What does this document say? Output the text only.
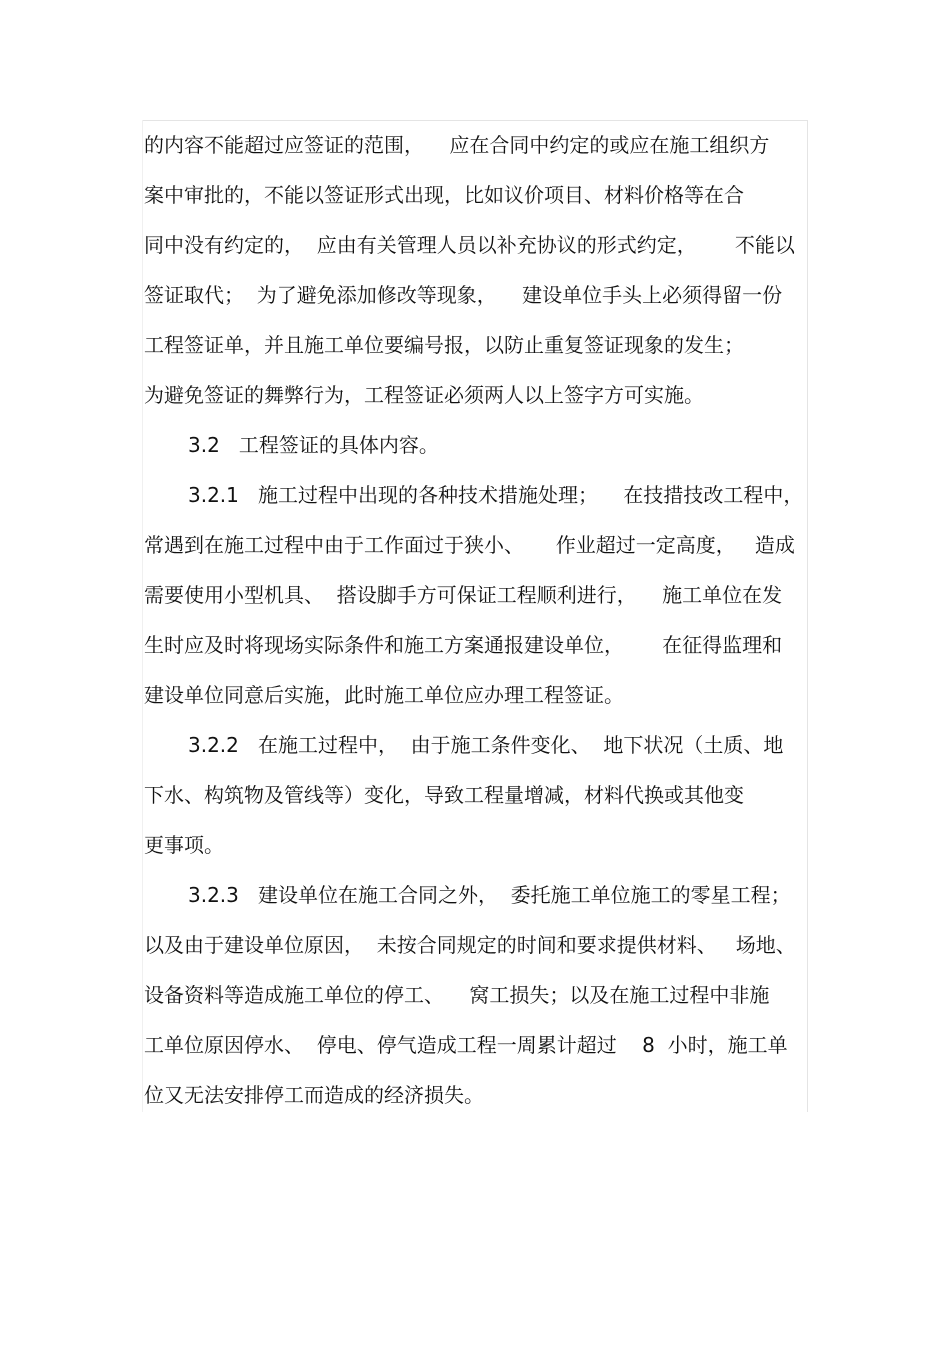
的内容不能超过应签证的范围，    应在合同中约定的或应在施工组织方
案中审批的，不能以签证形式出现，比如议价项目、材料价格等在合
同中没有约定的，  应由有关管理人员以补充协议的形式约定，      不能以
签证取代；  为了避免添加修改等现象，    建设单位手头上必须得留一份
工程签证单，并且施工单位要编号报，以防止重复签证现象的发生；
为避免签证的舞弊行为，工程签证必须两人以上签字方可实施。
3.2   工程签证的具体内容。
3.2.1   施工过程中出现的各种技术措施处理；    在技措技改工程中，
常遇到在施工过程中由于工作面过于狭小、     作业超过一定高度，   造成
需要使用小型机具、  搭设脚手方可保证工程顺利进行，    施工单位在发
生时应及时将现场实际条件和施工方案通报建设单位，      在征得监理和
建设单位同意后实施，此时施工单位应办理工程签证。
3.2.2   在施工过程中，  由于施工条件变化、  地下状况（土质、地
下水、构筑物及管线等）变化，导致工程量增减，材料代换或其他变
更事项。
3.2.3   建设单位在施工合同之外，  委托施工单位施工的零星工程；
以及由于建设单位原因，  未按合同规定的时间和要求提供材料、   场地、
设备资料等造成施工单位的停工、    窝工损失；以及在施工过程中非施
工单位原因停水、  停电、停气造成工程一周累计超过    8  小时，施工单
位又无法安排停工而造成的经济损失。
